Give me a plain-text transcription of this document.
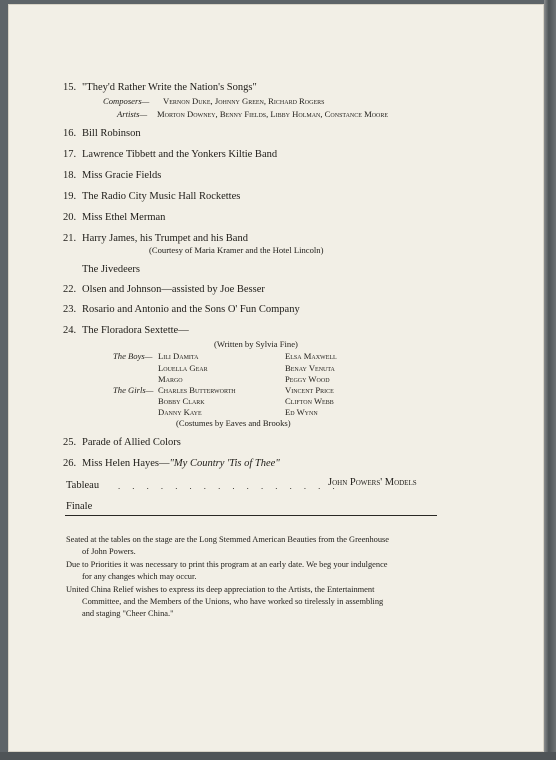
15. "They'd Rather Write the Nation's Songs"
Composers— Vernon Duke, Johnny Green, Richard Rogers
Artists— Morton Downey, Benny Fields, Libby Holman, Constance Moore
16. Bill Robinson
17. Lawrence Tibbett and the Yonkers Kiltie Band
18. Miss Gracie Fields
19. The Radio City Music Hall Rockettes
20. Miss Ethel Merman
21. Harry James, his Trumpet and his Band
(Courtesy of Maria Kramer and the Hotel Lincoln)
The Jivedeers
22. Olsen and Johnson—assisted by Joe Besser
23. Rosario and Antonio and the Sons O' Fun Company
24. The Floradora Sextette—
(Written by Sylvia Fine)
The Boys— Lili Damita
Louella Gear
Margo
The Girls— Charles Butterworth
Bobby Clark
Danny Kaye
Elsa Maxwell
Benay Venuta
Peggy Wood
Vincent Price
Clifton Webb
Ed Wynn
(Costumes by Eaves and Brooks)
25. Parade of Allied Colors
26. Miss Helen Hayes—"My Country 'Tis of Thee"
Tableau . . . . . . . . . . . . . . . .
John Powers' Models
Finale
Seated at the tables on the stage are the Long Stemmed American Beauties from the Greenhouse
of John Powers.
Due to Priorities it was necessary to print this program at an early date. We beg your indulgence
for any changes which may occur.
United China Relief wishes to express its deep appreciation to the Artists, the Entertainment
Committee, and the Members of the Unions, who have worked so tirelessly in assembling
and staging "Cheer China."
